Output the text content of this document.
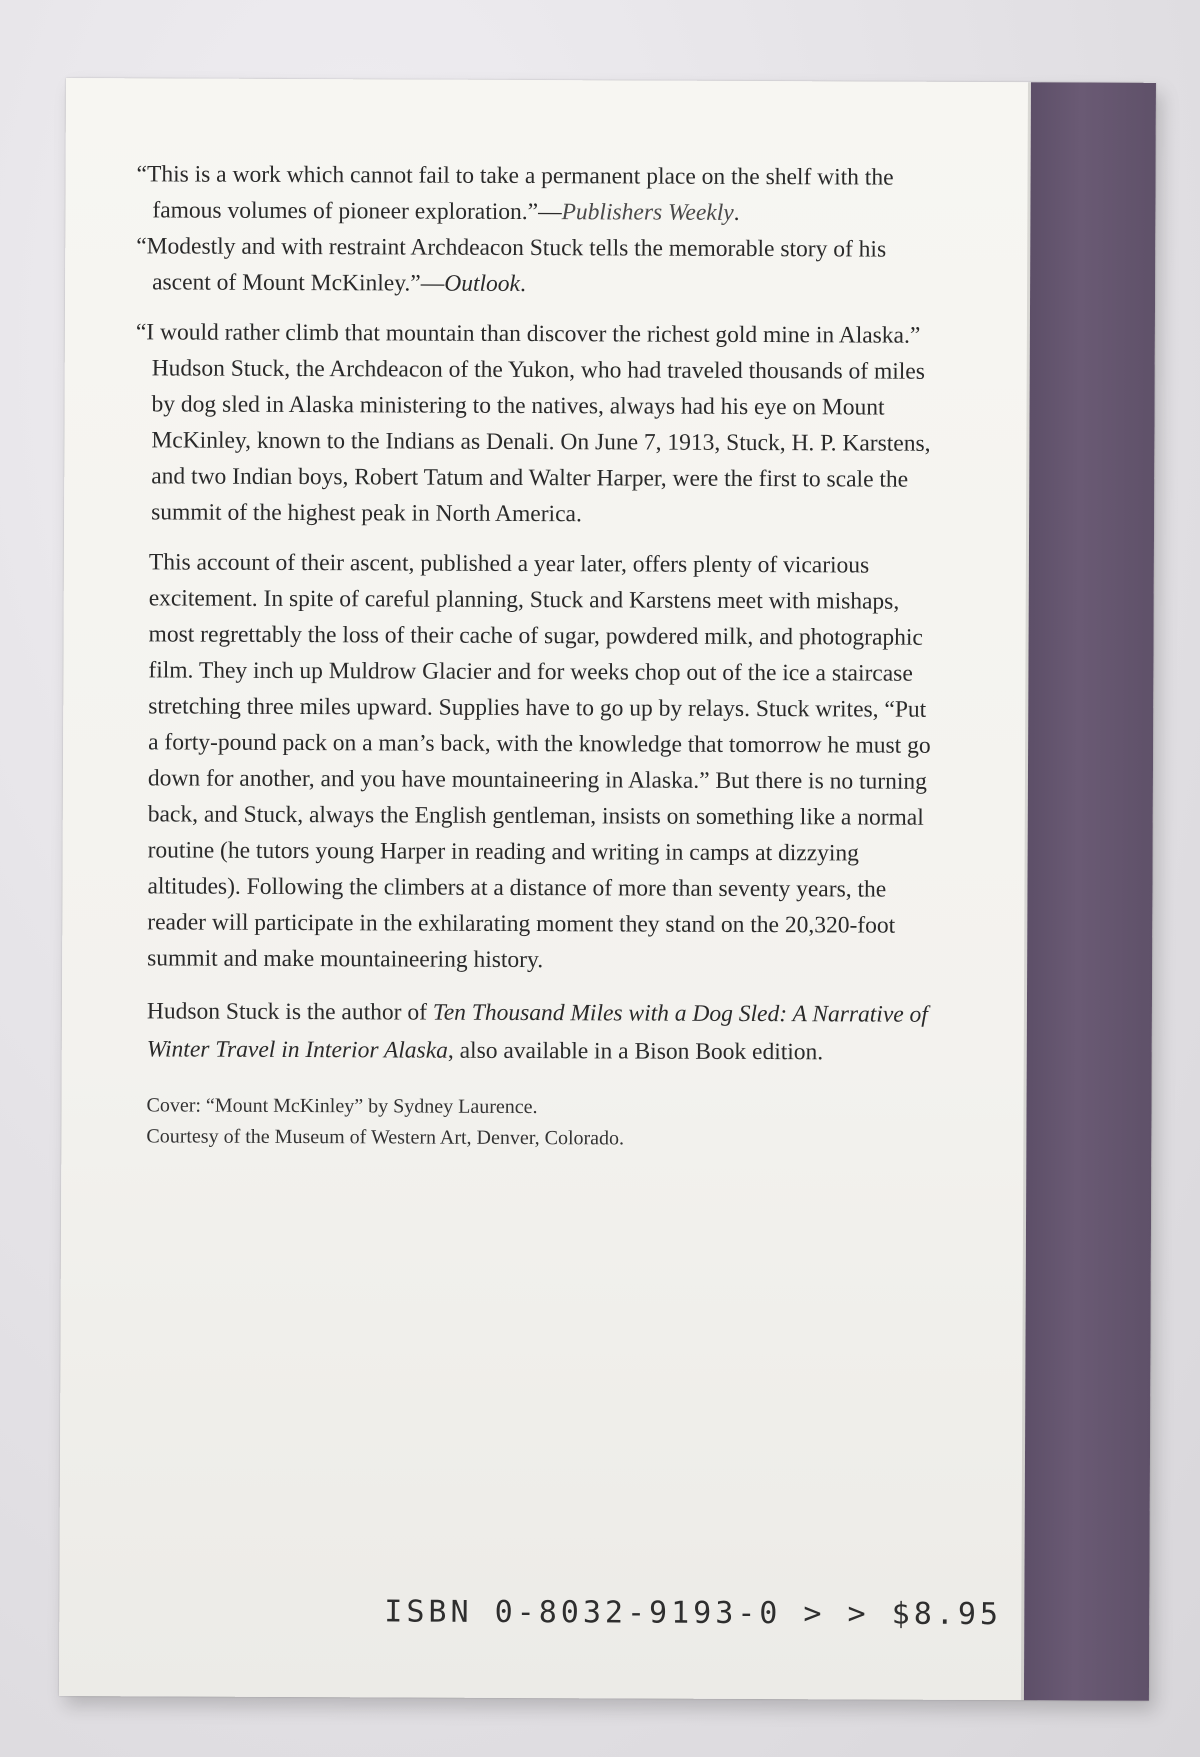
“This is a work which cannot fail to take a permanent place on the shelf with the famous volumes of pioneer exploration.”—Publishers Weekly.

“Modestly and with restraint Archdeacon Stuck tells the memorable story of his ascent of Mount McKinley.”—Outlook.

“I would rather climb that mountain than discover the richest gold mine in Alaska.” Hudson Stuck, the Archdeacon of the Yukon, who had traveled thousands of miles by dog sled in Alaska ministering to the natives, always had his eye on Mount McKinley, known to the Indians as Denali. On June 7, 1913, Stuck, H. P. Karstens, and two Indian boys, Robert Tatum and Walter Harper, were the first to scale the summit of the highest peak in North America.

This account of their ascent, published a year later, offers plenty of vicarious excitement. In spite of careful planning, Stuck and Karstens meet with mishaps, most regrettably the loss of their cache of sugar, powdered milk, and photographic film. They inch up Muldrow Glacier and for weeks chop out of the ice a staircase stretching three miles upward. Supplies have to go up by relays. Stuck writes, “Put a forty-pound pack on a man’s back, with the knowledge that tomorrow he must go down for another, and you have mountaineering in Alaska.” But there is no turning back, and Stuck, always the English gentleman, insists on something like a normal routine (he tutors young Harper in reading and writing in camps at dizzying altitudes). Following the climbers at a distance of more than seventy years, the reader will participate in the exhilarating moment they stand on the 20,320-foot summit and make mountaineering history.

Hudson Stuck is the author of Ten Thousand Miles with a Dog Sled: A Narrative of Winter Travel in Interior Alaska, also available in a Bison Book edition.

Cover: “Mount McKinley” by Sydney Laurence.
Courtesy of the Museum of Western Art, Denver, Colorado.
ISBN 0-8032-9193-0 > > $8.95
